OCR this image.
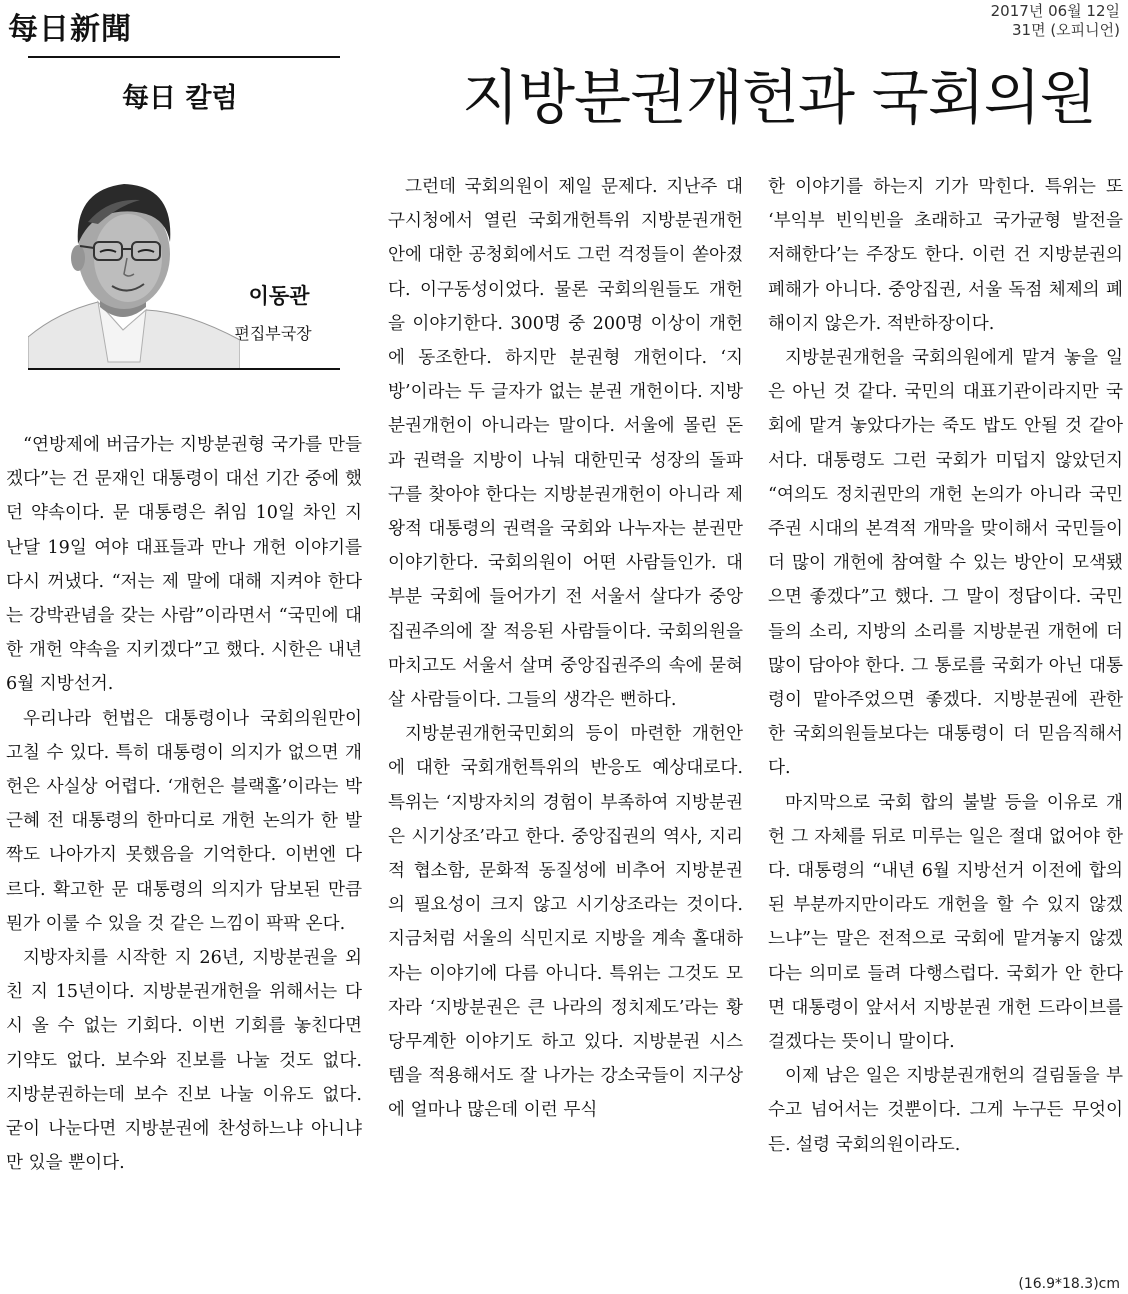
每日新聞
2017년 06월 12일
31면 (오피니언)
每日 칼럼	지방분권개헌과 국회의원
이동관
편집부국장

“연방제에 버금가는 지방분권형 국가를 만들겠다”는 건 문재인 대통령이 대선 기간 중에 했던 약속이다. 문 대통령은 취임 10일 차인 지난달 19일 여야 대표들과 만나 개헌 이야기를 다시 꺼냈다. “저는 제 말에 대해 지켜야 한다는 강박관념을 갖는 사람”이라면서 “국민에 대한 개헌 약속을 지키겠다”고 했다. 시한은 내년 6월 지방선거.

우리나라 헌법은 대통령이나 국회의원만이 고칠 수 있다. 특히 대통령이 의지가 없으면 개헌은 사실상 어렵다. ‘개헌은 블랙홀’이라는 박근혜 전 대통령의 한마디로 개헌 논의가 한 발짝도 나아가지 못했음을 기억한다. 이번엔 다르다. 확고한 문 대통령의 의지가 담보된 만큼 뭔가 이룰 수 있을 것 같은 느낌이 팍팍 온다.

지방자치를 시작한 지 26년, 지방분권을 외친 지 15년이다. 지방분권개헌을 위해서는 다시 올 수 없는 기회다. 이번 기회를 놓친다면 기약도 없다. 보수와 진보를 나눌 것도 없다. 지방분권하는데 보수 진보 나눌 이유도 없다. 굳이 나눈다면 지방분권에 찬성하느냐 아니냐만 있을 뿐이다.

그런데 국회의원이 제일 문제다. 지난주 대구시청에서 열린 국회개헌특위 지방분권개헌안에 대한 공청회에서도 그런 걱정들이 쏟아졌다. 이구동성이었다. 물론 국회의원들도 개헌을 이야기한다. 300명 중 200명 이상이 개헌에 동조한다. 하지만 분권형 개헌이다. ‘지방’이라는 두 글자가 없는 분권 개헌이다. 지방분권개헌이 아니라는 말이다. 서울에 몰린 돈과 권력을 지방이 나눠 대한민국 성장의 돌파구를 찾아야 한다는 지방분권개헌이 아니라 제왕적 대통령의 권력을 국회와 나누자는 분권만 이야기한다. 국회의원이 어떤 사람들인가. 대부분 국회에 들어가기 전 서울서 살다가 중앙집권주의에 잘 적응된 사람들이다. 국회의원을 마치고도 서울서 살며 중앙집권주의 속에 묻혀 살 사람들이다. 그들의 생각은 뻔하다.

지방분권개헌국민회의 등이 마련한 개헌안에 대한 국회개헌특위의 반응도 예상대로다. 특위는 ‘지방자치의 경험이 부족하여 지방분권은 시기상조’라고 한다. 중앙집권의 역사, 지리적 협소함, 문화적 동질성에 비추어 지방분권의 필요성이 크지 않고 시기상조라는 것이다. 지금처럼 서울의 식민지로 지방을 계속 홀대하자는 이야기에 다름 아니다. 특위는 그것도 모자라 ‘지방분권은 큰 나라의 정치제도’라는 황당무계한 이야기도 하고 있다. 지방분권 시스템을 적용해서도 잘 나가는 강소국들이 지구상에 얼마나 많은데 이런 무식

한 이야기를 하는지 기가 막힌다. 특위는 또 ‘부익부 빈익빈을 초래하고 국가균형 발전을 저해한다’는 주장도 한다. 이런 건 지방분권의 폐해가 아니다. 중앙집권, 서울 독점 체제의 폐해이지 않은가. 적반하장이다.

지방분권개헌을 국회의원에게 맡겨 놓을 일은 아닌 것 같다. 국민의 대표기관이라지만 국회에 맡겨 놓았다가는 죽도 밥도 안될 것 같아서다. 대통령도 그런 국회가 미덥지 않았던지 “여의도 정치권만의 개헌 논의가 아니라 국민 주권 시대의 본격적 개막을 맞이해서 국민들이 더 많이 개헌에 참여할 수 있는 방안이 모색됐으면 좋겠다”고 했다. 그 말이 정답이다. 국민들의 소리, 지방의 소리를 지방분권 개헌에 더 많이 담아야 한다. 그 통로를 국회가 아닌 대통령이 맡아주었으면 좋겠다. 지방분권에 관한 한 국회의원들보다는 대통령이 더 믿음직해서다.

마지막으로 국회 합의 불발 등을 이유로 개헌 그 자체를 뒤로 미루는 일은 절대 없어야 한다. 대통령의 “내년 6월 지방선거 이전에 합의된 부분까지만이라도 개헌을 할 수 있지 않겠느냐”는 말은 전적으로 국회에 맡겨놓지 않겠다는 의미로 들려 다행스럽다. 국회가 안 한다면 대통령이 앞서서 지방분권 개헌 드라이브를 걸겠다는 뜻이니 말이다.

이제 남은 일은 지방분권개헌의 걸림돌을 부수고 넘어서는 것뿐이다. 그게 누구든 무엇이든. 설령 국회의원이라도.

(16.9*18.3)cm
